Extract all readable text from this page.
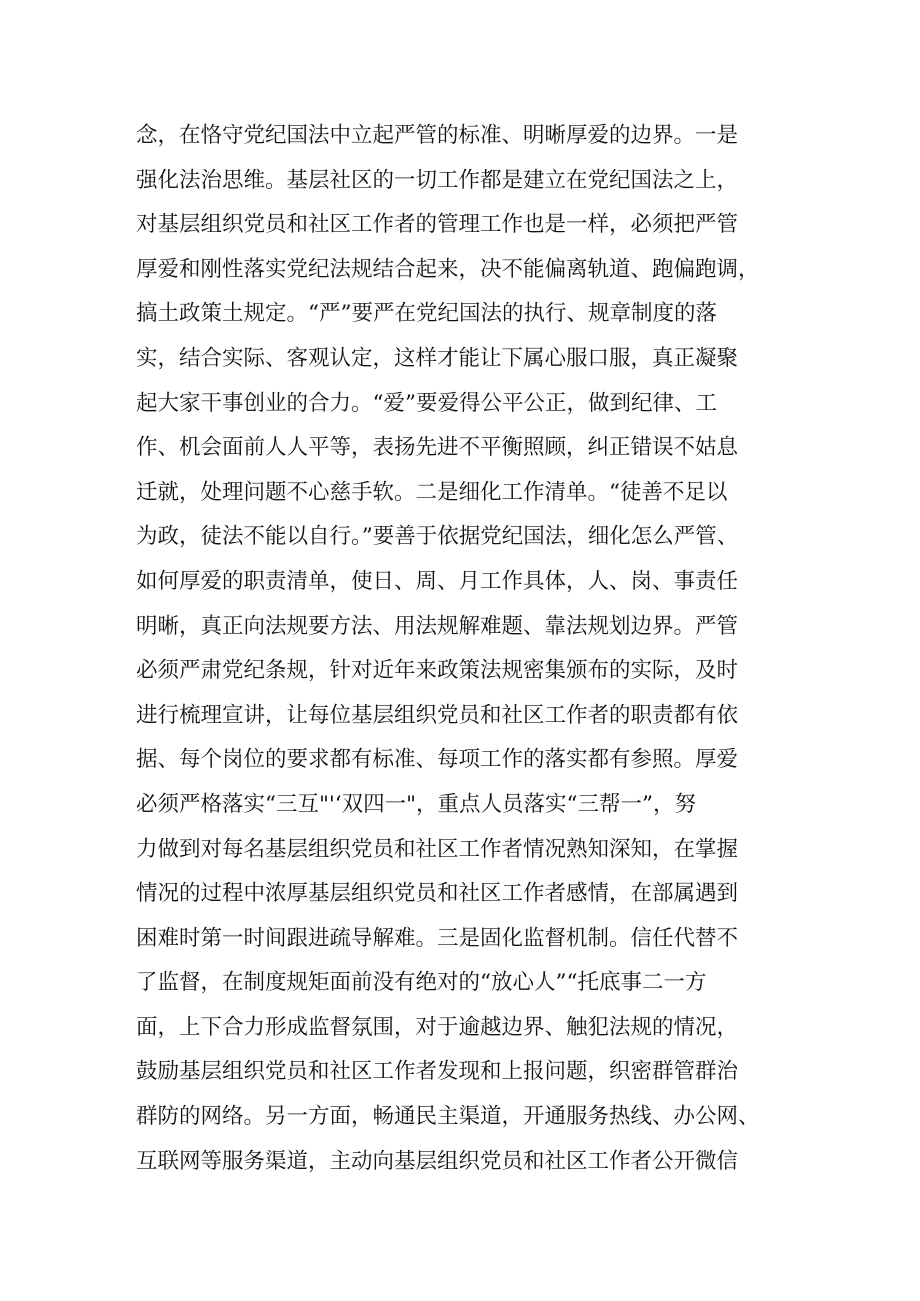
念，在恪守党纪国法中立起严管的标准、明晰厚爱的边界。一是
强化法治思维。基层社区的一切工作都是建立在党纪国法之上，
对基层组织党员和社区工作者的管理工作也是一样，必须把严管
厚爱和刚性落实党纪法规结合起来，决不能偏离轨道、跑偏跑调，
搞土政策土规定。“严”要严在党纪国法的执行、规章制度的落
实，结合实际、客观认定，这样才能让下属心服口服，真正凝聚
起大家干事创业的合力。“爱”要爱得公平公正，做到纪律、工
作、机会面前人人平等，表扬先进不平衡照顾，纠正错误不姑息
迁就，处理问题不心慈手软。二是细化工作清单。“徒善不足以
为政，徒法不能以自行。”要善于依据党纪国法，细化怎么严管、
如何厚爱的职责清单，使日、周、月工作具体，人、岗、事责任
明晰，真正向法规要方法、用法规解难题、靠法规划边界。严管
必须严肃党纪条规，针对近年来政策法规密集颁布的实际，及时
进行梳理宣讲，让每位基层组织党员和社区工作者的职责都有依
据、每个岗位的要求都有标准、每项工作的落实都有参照。厚爱
必须严格落实“三互"'‘双四一"，重点人员落实“三帮一”，努
力做到对每名基层组织党员和社区工作者情况熟知深知，在掌握
情况的过程中浓厚基层组织党员和社区工作者感情，在部属遇到
困难时第一时间跟进疏导解难。三是固化监督机制。信任代替不
了监督，在制度规矩面前没有绝对的“放心人”“托底事二一方
面，上下合力形成监督氛围，对于逾越边界、触犯法规的情况，
鼓励基层组织党员和社区工作者发现和上报问题，织密群管群治
群防的网络。另一方面，畅通民主渠道，开通服务热线、办公网、
互联网等服务渠道，主动向基层组织党员和社区工作者公开微信
